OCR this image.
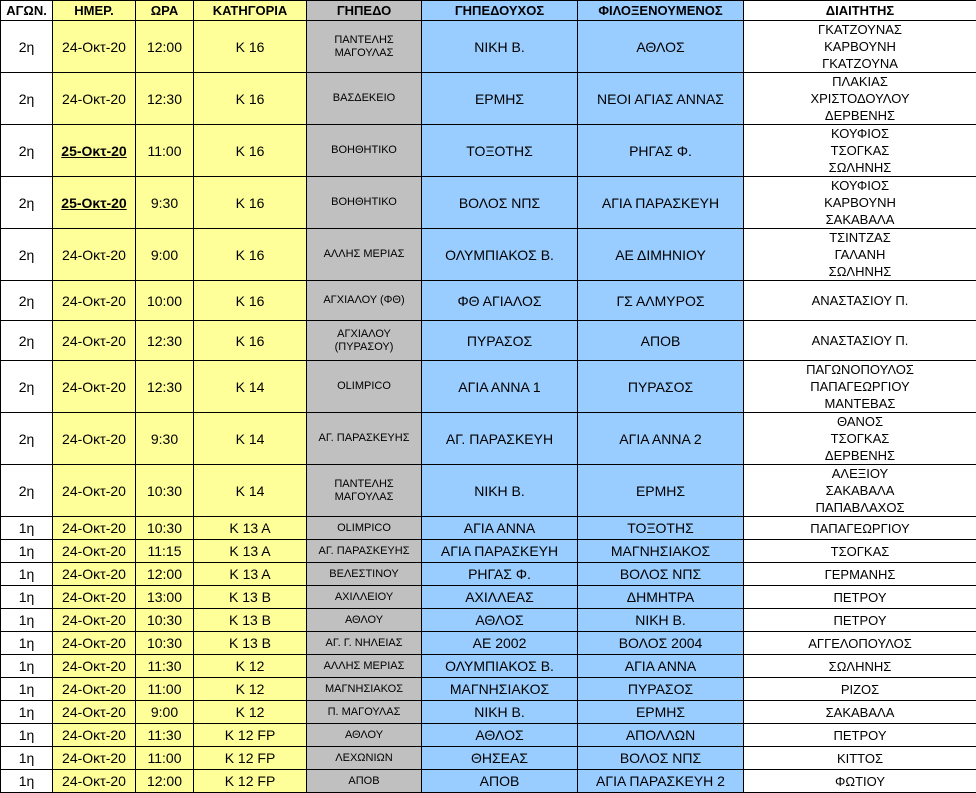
ΑΓΩΝ.	ΗΜΕΡ.	ΩΡΑ	ΚΑΤΗΓΟΡΙΑ	ΓΗΠΕΔΟ	ΓΗΠΕΔΟΥΧΟΣ	ΦΙΛΟΞΕΝΟΥΜΕΝΟΣ	ΔΙΑΙΤΗΤΗΣ
2η	24-Οκτ-20	12:00	Κ 16	ΠΑΝΤΕΛΗΣ ΜΑΓΟΥΛΑΣ	ΝΙΚΗ Β.	ΑΘΛΟΣ	ΓΚΑΤΖΟΥΝΑΣ
ΚΑΡΒΟΥΝΗ
ΓΚΑΤΖΟΥΝΑ

2η	24-Οκτ-20	12:30	Κ 16	ΒΑΣΔΕΚΕΙΟ	ΕΡΜΗΣ	ΝΕΟΙ ΑΓΙΑΣ ΑΝΝΑΣ	ΠΛΑΚΙΑΣ
ΧΡΙΣΤΟΔΟΥΛΟΥ
ΔΕΡΒΕΝΗΣ

2η	25-Οκτ-20	11:00	Κ 16	ΒΟΗΘΗΤΙΚΟ	ΤΟΞΟΤΗΣ	ΡΗΓΑΣ Φ.	ΚΟΥΦΙΟΣ
ΤΣΟΓΚΑΣ
ΣΩΛΗΝΗΣ

2η	25-Οκτ-20	9:30	Κ 16	ΒΟΗΘΗΤΙΚΟ	ΒΟΛΟΣ ΝΠΣ	ΑΓΙΑ ΠΑΡΑΣΚΕΥΗ	ΚΟΥΦΙΟΣ
ΚΑΡΒΟΥΝΗ
ΣΑΚΑΒΑΛΑ

2η	24-Οκτ-20	9:00	Κ 16	ΑΛΛΗΣ ΜΕΡΙΑΣ	ΟΛΥΜΠΙΑΚΟΣ Β.	ΑΕ ΔΙΜΗΝΙΟΥ	ΤΣΙΝΤΖΑΣ
ΓΑΛΑΝΗ
ΣΩΛΗΝΗΣ

2η	24-Οκτ-20	10:00	Κ 16	ΑΓΧΙΑΛΟΥ (ΦΘ)	ΦΘ ΑΓΙΑΛΟΣ	ΓΣ ΑΛΜΥΡΟΣ	ΑΝΑΣΤΑΣΙΟΥ Π.

2η	24-Οκτ-20	12:30	Κ 16	ΑΓΧΙΑΛΟΥ (ΠΥΡΑΣΟΥ)	ΠΥΡΑΣΟΣ	ΑΠΟΒ	ΑΝΑΣΤΑΣΙΟΥ Π.

2η	24-Οκτ-20	12:30	Κ 14	OLIMPICO	ΑΓΙΑ ΑΝΝΑ 1	ΠΥΡΑΣΟΣ	ΠΑΓΩΝΟΠΟΥΛΟΣ
ΠΑΠΑΓΕΩΡΓΙΟΥ
ΜΑΝΤΕΒΑΣ

2η	24-Οκτ-20	9:30	Κ 14	ΑΓ. ΠΑΡΑΣΚΕΥΗΣ	ΑΓ. ΠΑΡΑΣΚΕΥΗ	ΑΓΙΑ ΑΝΝΑ 2	ΘΑΝΟΣ
ΤΣΟΓΚΑΣ
ΔΕΡΒΕΝΗΣ

2η	24-Οκτ-20	10:30	Κ 14	ΠΑΝΤΕΛΗΣ ΜΑΓΟΥΛΑΣ	ΝΙΚΗ Β.	ΕΡΜΗΣ	ΑΛΕΞΙΟΥ
ΣΑΚΑΒΑΛΑ
ΠΑΠΑΒΛΑΧΟΣ

1η	24-Οκτ-20	10:30	Κ 13 Α	OLIMPICO	ΑΓΙΑ ΑΝΝΑ	ΤΟΞΟΤΗΣ	ΠΑΠΑΓΕΩΡΓΙΟΥ

1η	24-Οκτ-20	11:15	Κ 13 Α	ΑΓ. ΠΑΡΑΣΚΕΥΗΣ	ΑΓΙΑ ΠΑΡΑΣΚΕΥΗ	ΜΑΓΝΗΣΙΑΚΟΣ	ΤΣΟΓΚΑΣ

1η	24-Οκτ-20	12:00	Κ 13 Α	ΒΕΛΕΣΤΙΝΟΥ	ΡΗΓΑΣ Φ.	ΒΟΛΟΣ ΝΠΣ	ΓΕΡΜΑΝΗΣ

1η	24-Οκτ-20	13:00	Κ 13 Β	ΑΧΙΛΛΕΙΟΥ	ΑΧΙΛΛΕΑΣ	ΔΗΜΗΤΡΑ	ΠΕΤΡΟΥ

1η	24-Οκτ-20	10:30	Κ 13 Β	ΑΘΛΟΥ	ΑΘΛΟΣ	ΝΙΚΗ Β.	ΠΕΤΡΟΥ

1η	24-Οκτ-20	10:30	Κ 13 Β	ΑΓ. Γ. ΝΗΛΕΙΑΣ	ΑΕ 2002	ΒΟΛΟΣ 2004	ΑΓΓΕΛΟΠΟΥΛΟΣ

1η	24-Οκτ-20	11:30	Κ 12	ΑΛΛΗΣ ΜΕΡΙΑΣ	ΟΛΥΜΠΙΑΚΟΣ Β.	ΑΓΙΑ ΑΝΝΑ	ΣΩΛΗΝΗΣ

1η	24-Οκτ-20	11:00	Κ 12	ΜΑΓΝΗΣΙΑΚΟΣ	ΜΑΓΝΗΣΙΑΚΟΣ	ΠΥΡΑΣΟΣ	ΡΙΖΟΣ

1η	24-Οκτ-20	9:00	Κ 12	Π. ΜΑΓΟΥΛΑΣ	ΝΙΚΗ Β.	ΕΡΜΗΣ	ΣΑΚΑΒΑΛΑ

1η	24-Οκτ-20	11:30	Κ 12 FP	ΑΘΛΟΥ	ΑΘΛΟΣ	ΑΠΟΛΛΩΝ	ΠΕΤΡΟΥ

1η	24-Οκτ-20	11:00	Κ 12 FP	ΛΕΧΩΝΙΩΝ	ΘΗΣΕΑΣ	ΒΟΛΟΣ ΝΠΣ	ΚΙΤΤΟΣ

1η	24-Οκτ-20	12:00	Κ 12 FP	ΑΠΟΒ	ΑΠΟΒ	ΑΓΙΑ ΠΑΡΑΣΚΕΥΗ 2	ΦΩΤΙΟΥ
